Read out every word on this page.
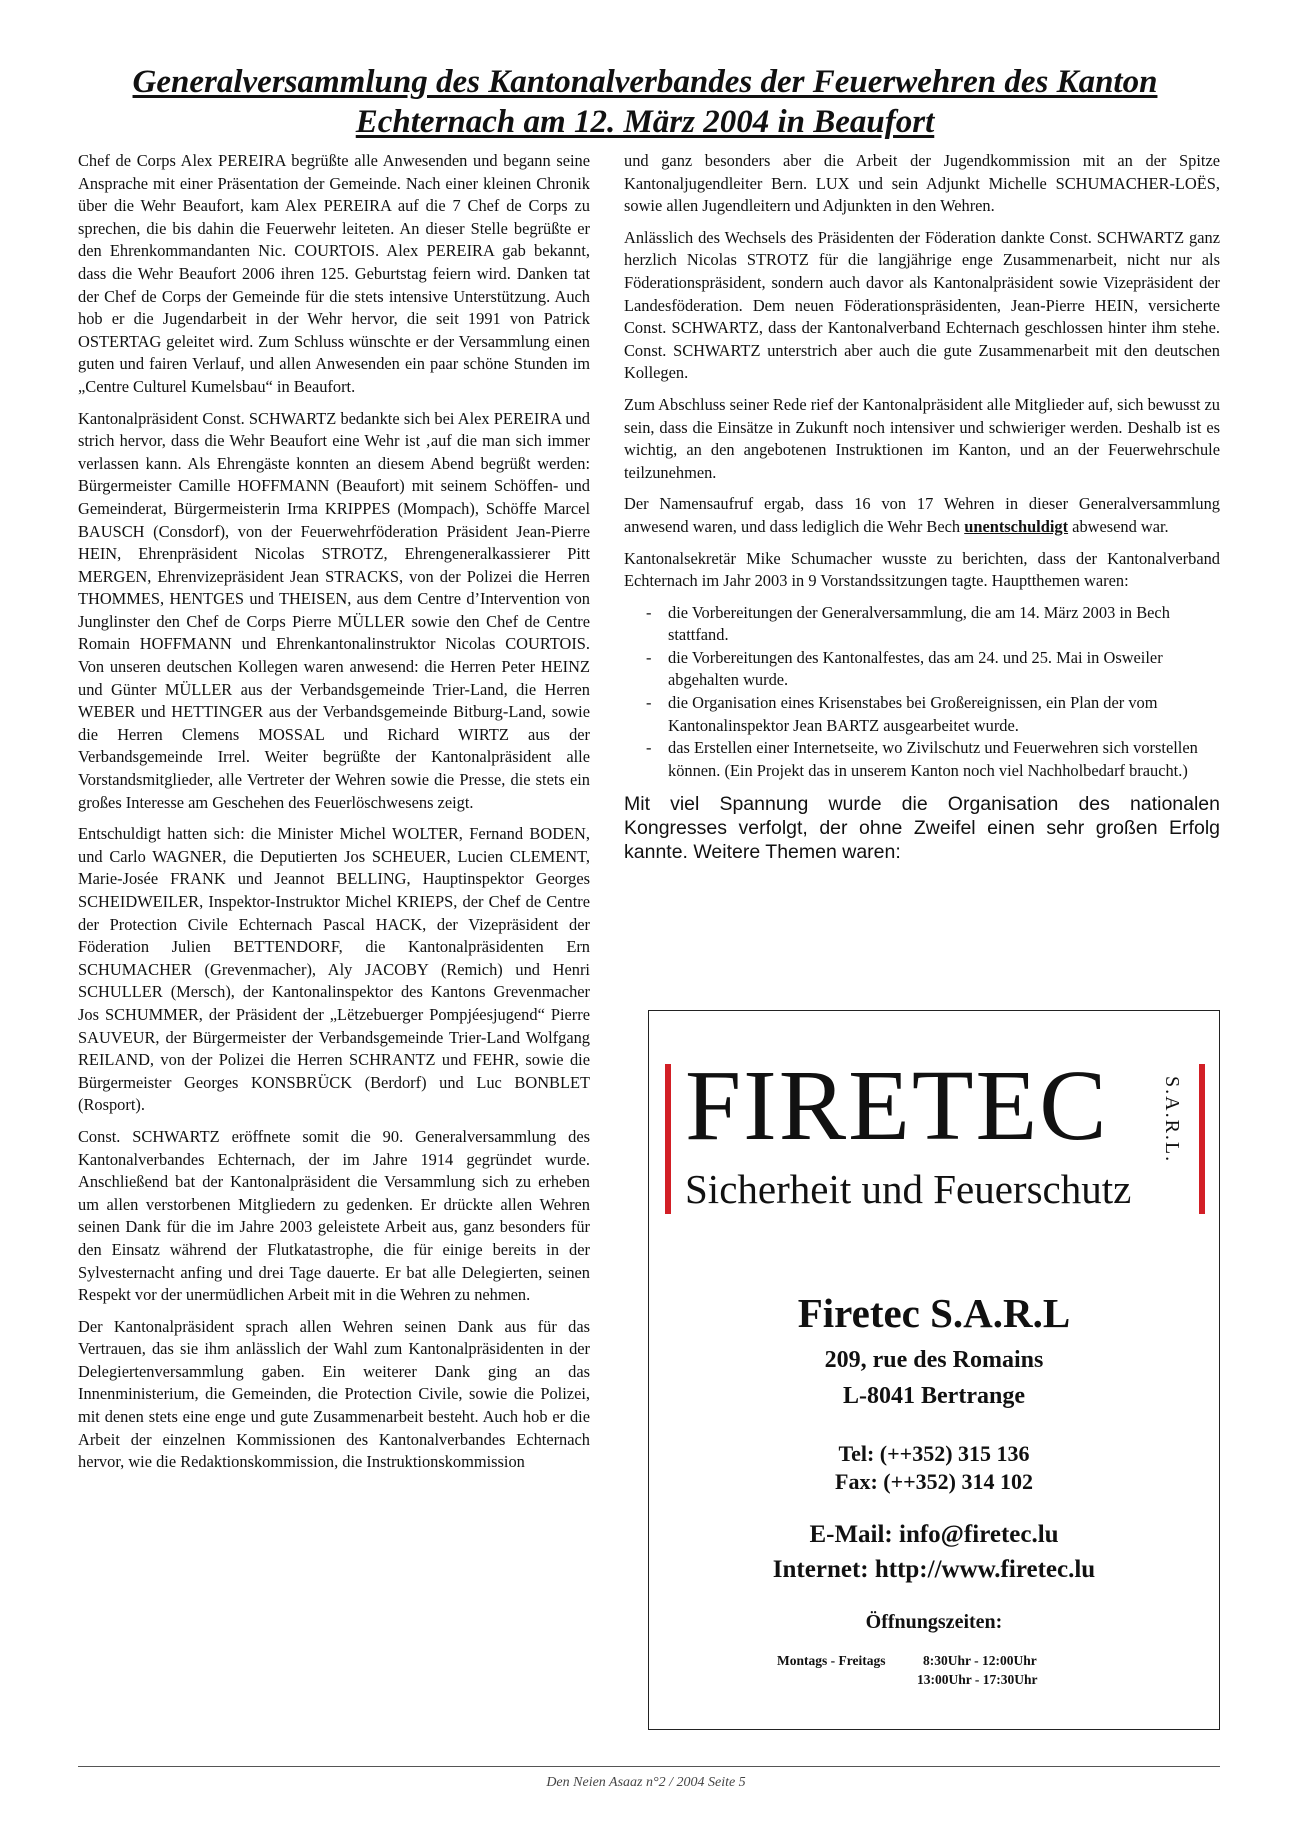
Generalversammlung des Kantonalverbandes der Feuerwehren des Kanton
Echternach am 12. März 2004 in Beaufort

Chef de Corps Alex PEREIRA begrüßte alle Anwesenden und begann seine Ansprache mit einer Präsentation der Gemeinde. Nach einer kleinen Chronik über die Wehr Beaufort, kam Alex PEREIRA auf die 7 Chef de Corps zu sprechen, die bis dahin die Feuerwehr leiteten. An dieser Stelle begrüßte er den Ehrenkommandanten Nic. COURTOIS. Alex PEREIRA gab bekannt, dass die Wehr Beaufort 2006 ihren 125. Geburtstag feiern wird. Danken tat der Chef de Corps der Gemeinde für die stets intensive Unterstützung. Auch hob er die Jugendarbeit in der Wehr hervor, die seit 1991 von Patrick OSTERTAG geleitet wird. Zum Schluss wünschte er der Versammlung einen guten und fairen Verlauf, und allen Anwesenden ein paar schöne Stunden im „Centre Culturel Kumelsbau“ in Beaufort.

Kantonalpräsident Const. SCHWARTZ bedankte sich bei Alex PEREIRA und strich hervor, dass die Wehr Beaufort eine Wehr ist ‚auf die man sich immer verlassen kann. Als Ehrengäste konnten an diesem Abend begrüßt werden: Bürgermeister Camille HOFFMANN (Beaufort) mit seinem Schöffen- und Gemeinderat, Bürgermeisterin Irma KRIPPES (Mompach), Schöffe Marcel BAUSCH (Consdorf), von der Feuerwehrföderation Präsident Jean-Pierre HEIN, Ehrenpräsident Nicolas STROTZ, Ehrengeneralkassierer Pitt MERGEN, Ehrenvizepräsident Jean STRACKS, von der Polizei die Herren THOMMES, HENTGES und THEISEN, aus dem Centre d’Intervention von Junglinster den Chef de Corps Pierre MÜLLER sowie den Chef de Centre Romain HOFFMANN und Ehrenkantonalinstruktor Nicolas COURTOIS. Von unseren deutschen Kollegen waren anwesend: die Herren Peter HEINZ und Günter MÜLLER aus der Verbandsgemeinde Trier-Land, die Herren WEBER und HETTINGER aus der Verbandsgemeinde Bitburg-Land, sowie die Herren Clemens MOSSAL und Richard WIRTZ aus der Verbandsgemeinde Irrel. Weiter begrüßte der Kantonalpräsident alle Vorstandsmitglieder, alle Vertreter der Wehren sowie die Presse, die stets ein großes Interesse am Geschehen des Feuerlöschwesens zeigt.

Entschuldigt hatten sich: die Minister Michel WOLTER, Fernand BODEN, und Carlo WAGNER, die Deputierten Jos SCHEUER, Lucien CLEMENT, Marie-Josée FRANK und Jeannot BELLING, Hauptinspektor Georges SCHEIDWEILER, Inspektor-Instruktor Michel KRIEPS, der Chef de Centre der Protection Civile Echternach Pascal HACK, der Vizepräsident der Föderation Julien BETTENDORF, die Kantonalpräsidenten Ern SCHUMACHER (Grevenmacher), Aly JACOBY (Remich) und Henri SCHULLER (Mersch), der Kantonalinspektor des Kantons Grevenmacher Jos SCHUMMER, der Präsident der „Lëtzebuerger Pompjéesjugend“ Pierre SAUVEUR, der Bürgermeister der Verbandsgemeinde Trier-Land Wolfgang REILAND, von der Polizei die Herren SCHRANTZ und FEHR, sowie die Bürgermeister Georges KONSBRÜCK (Berdorf) und Luc BONBLET (Rosport).

Const. SCHWARTZ eröffnete somit die 90. Generalversammlung des Kantonalverbandes Echternach, der im Jahre 1914 gegründet wurde. Anschließend bat der Kantonalpräsident die Versammlung sich zu erheben um allen verstorbenen Mitgliedern zu gedenken. Er drückte allen Wehren seinen Dank für die im Jahre 2003 geleistete Arbeit aus, ganz besonders für den Einsatz während der Flutkatastrophe, die für einige bereits in der Sylvesternacht anfing und drei Tage dauerte. Er bat alle Delegierten, seinen Respekt vor der unermüdlichen Arbeit mit in die Wehren zu nehmen.

Der Kantonalpräsident sprach allen Wehren seinen Dank aus für das Vertrauen, das sie ihm anlässlich der Wahl zum Kantonalpräsidenten in der Delegiertenversammlung gaben. Ein weiterer Dank ging an das Innenministerium, die Gemeinden, die Protection Civile, sowie die Polizei, mit denen stets eine enge und gute Zusammenarbeit besteht. Auch hob er die Arbeit der einzelnen Kommissionen des Kantonalverbandes Echternach hervor, wie die Redaktionskommission, die Instruktionskommission

und ganz besonders aber die Arbeit der Jugendkommission mit an der Spitze Kantonaljugendleiter Bern. LUX und sein Adjunkt Michelle SCHUMACHER-LOËS, sowie allen Jugendleitern und Adjunkten in den Wehren.

Anlässlich des Wechsels des Präsidenten der Föderation dankte Const. SCHWARTZ ganz herzlich Nicolas STROTZ für die langjährige enge Zusammenarbeit, nicht nur als Föderationspräsident, sondern auch davor als Kantonalpräsident sowie Vizepräsident der Landesföderation. Dem neuen Föderationspräsidenten, Jean-Pierre HEIN, versicherte Const. SCHWARTZ, dass der Kantonalverband Echternach geschlossen hinter ihm stehe. Const. SCHWARTZ unterstrich aber auch die gute Zusammenarbeit mit den deutschen Kollegen.

Zum Abschluss seiner Rede rief der Kantonalpräsident alle Mitglieder auf, sich bewusst zu sein, dass die Einsätze in Zukunft noch intensiver und schwieriger werden. Deshalb ist es wichtig, an den angebotenen Instruktionen im Kanton, und an der Feuerwehrschule teilzunehmen.

Der Namensaufruf ergab, dass 16 von 17 Wehren in dieser Generalversammlung anwesend waren, und dass lediglich die Wehr Bech unentschuldigt abwesend war.

Kantonalsekretär Mike Schumacher wusste zu berichten, dass der Kantonalverband Echternach im Jahr 2003 in 9 Vorstandssitzungen tagte. Hauptthemen waren:

- die Vorbereitungen der Generalversammlung, die am 14. März 2003 in Bech stattfand.
- die Vorbereitungen des Kantonalfestes, das am 24. und 25. Mai in Osweiler abgehalten wurde.
- die Organisation eines Krisenstabes bei Großereignissen, ein Plan der vom Kantonalinspektor Jean BARTZ ausgearbeitet wurde.
- das Erstellen einer Internetseite, wo Zivilschutz und Feuerwehren sich vorstellen können. (Ein Projekt das in unserem Kanton noch viel Nachholbedarf braucht.)

Mit viel Spannung wurde die Organisation des nationalen Kongresses verfolgt, der ohne Zweifel einen sehr großen Erfolg kannte. Weitere Themen waren:

FIRETEC	S.A.R.L.
Sicherheit und Feuerschutz
Firetec S.A.R.L
209, rue des Romains
L-8041 Bertrange
Tel: (++352) 315 136
Fax: (++352) 314 102
E-Mail: info@firetec.lu
Internet: http://www.firetec.lu
Öffnungszeiten:
Montags - Freitags	8:30Uhr - 12:00Uhr
13:00Uhr - 17:30Uhr
Den Neien Asaaz n°2 / 2004 Seite 5
